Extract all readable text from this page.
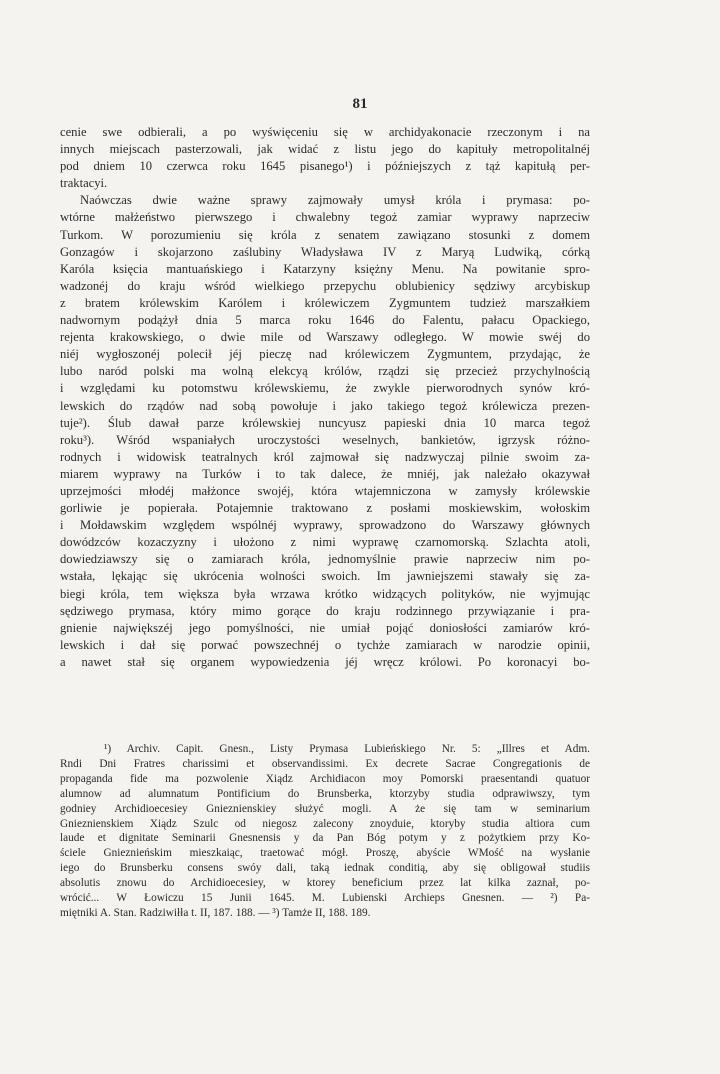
81
cenie swe odbierali, a po wyświęceniu się w archidyakonacie rzeczonym i na
innych miejscach pasterzowali, jak widać z listu jego do kapituły metropolitalnéj
pod dniem 10 czerwca roku 1645 pisanego¹) i późniejszych z tąż kapitułą per-
traktacyi.
Naówczas dwie ważne sprawy zajmowały umysł króla i prymasa: po-
wtórne małżeństwo pierwszego i chwalebny tegoż zamiar wyprawy naprzeciw
Turkom. W porozumieniu się króla z senatem zawiązano stosunki z domem
Gonzagów i skojarzono zaślubiny Władysława IV z Maryą Ludwiką, córką
Karóla księcia mantuańskiego i Katarzyny księżny Menu. Na powitanie spro-
wadzonéj do kraju wśród wielkiego przepychu oblubienicy sędziwy arcybiskup
z bratem królewskim Karólem i królewiczem Zygmuntem tudzież marszałkiem
nadwornym podążył dnia 5 marca roku 1646 do Falentu, pałacu Opackiego,
rejenta krakowskiego, o dwie mile od Warszawy odległego. W mowie swéj do
niéj wygłoszonéj polecił jéj pieczę nad królewiczem Zygmuntem, przydając, że
lubo naród polski ma wolną elekcyą królów, rządzi się przecież przychylnością
i względami ku potomstwu królewskiemu, że zwykle pierworodnych synów kró-
lewskich do rządów nad sobą powołuje i jako takiego tegoż królewicza prezen-
tuje²). Ślub dawał parze królewskiej nuncyusz papieski dnia 10 marca tegoż
roku³). Wśród wspaniałych uroczystości weselnych, bankietów, igrzysk różno-
rodnych i widowisk teatralnych król zajmował się nadzwyczaj pilnie swoim za-
miarem wyprawy na Turków i to tak dalece, że mniéj, jak należało okazywał
uprzejmości młodéj małżonce swojéj, która wtajemniczona w zamysły królewskie
gorliwie je popierała. Potajemnie traktowano z posłami moskiewskim, wołoskim
i Mołdawskim względem wspólnéj wyprawy, sprowadzono do Warszawy głównych
dowódzców kozaczyzny i ułożono z nimi wyprawę czarnomorską. Szlachta atoli,
dowiedziawszy się o zamiarach króla, jednomyślnie prawie naprzeciw nim po-
wstała, lękając się ukrócenia wolności swoich. Im jawniejszemi stawały się za-
biegi króla, tem większa była wrzawa krótko widzących polityków, nie wyjmując
sędziwego prymasa, który mimo gorące do kraju rodzinnego przywiązanie i pra-
gnienie największéj jego pomyślności, nie umiał pojąć doniosłości zamiarów kró-
lewskich i dał się porwać powszechnéj o tychże zamiarach w narodzie opinii,
a nawet stał się organem wypowiedzenia jéj wręcz królowi. Po koronacyi bo-
¹) Archiv. Capit. Gnesn., Listy Prymasa Lubieńskiego Nr. 5: „Illres et Adm.
Rndi Dni Fratres charissimi et observandissimi. Ex decrete Sacrae Congregationis de
propaganda fide ma pozwolenie Xiądz Archidiacon moy Pomorski praesentandi quatuor
alumnow ad alumnatum Pontificium do Brunsberka, ktorzyby studia odprawiwszy, tym
godniey Archidioecesiey Gnieznienskiey służyć mogli. A że się tam w seminarium
Gnieznienskiem Xiądz Szulc od niegosz zalecony znoyduie, ktoryby studia altiora cum
laude et dignitate Seminarii Gnesnensis y da Pan Bóg potym y z pożytkiem przy Ko-
ściele Gnieznieńskim mieszkaiąc, traetować mógł. Proszę, abyście WMość na wysłanie
iego do Brunsberku consens swóy dali, taką iednak conditią, aby się obligował studiis
absolutis znowu do Archidioecesiey, w ktorey beneficium przez lat kilka zaznał, po-
wrócić... W Łowiczu 15 Junii 1645. M. Lubienski Archieps Gnesnen. — ²) Pa-
miętniki A. Stan. Radziwiłła t. II, 187. 188. — ³) Tamże II, 188. 189.
